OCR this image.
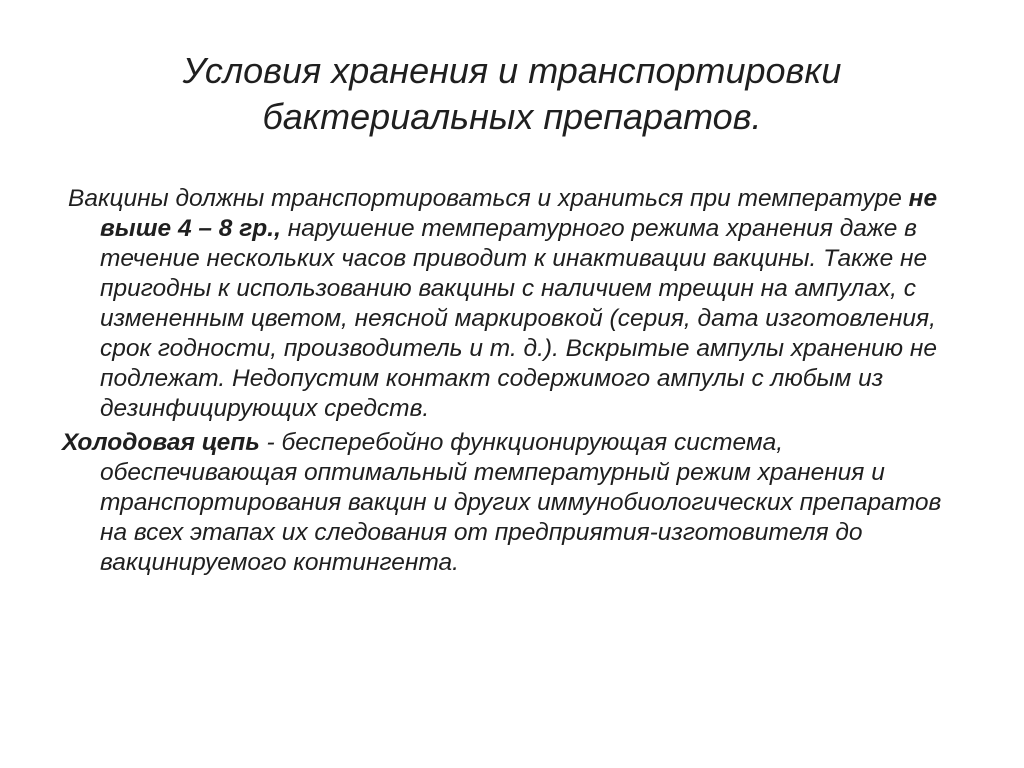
Условия хранения и транспортировки
бактериальных препаратов.

Вакцины должны транспортироваться и храниться при температуре не выше 4 – 8 гр., нарушение температурного режима хранения даже в течение нескольких часов приводит к инактивации вакцины. Также не пригодны к использованию вакцины с наличием трещин на ампулах, с измененным цветом, неясной маркировкой (серия, дата изготовления, срок годности, производитель и т. д.). Вскрытые ампулы хранению не подлежат. Недопустим контакт содержимого ампулы с любым из дезинфицирующих средств.

Холодовая цепь - бесперебойно функционирующая система, обеспечивающая оптимальный температурный режим хранения и транспортирования вакцин и других иммунобиологических препаратов на всех этапах их следования от предприятия-изготовителя до вакцинируемого контингента.
